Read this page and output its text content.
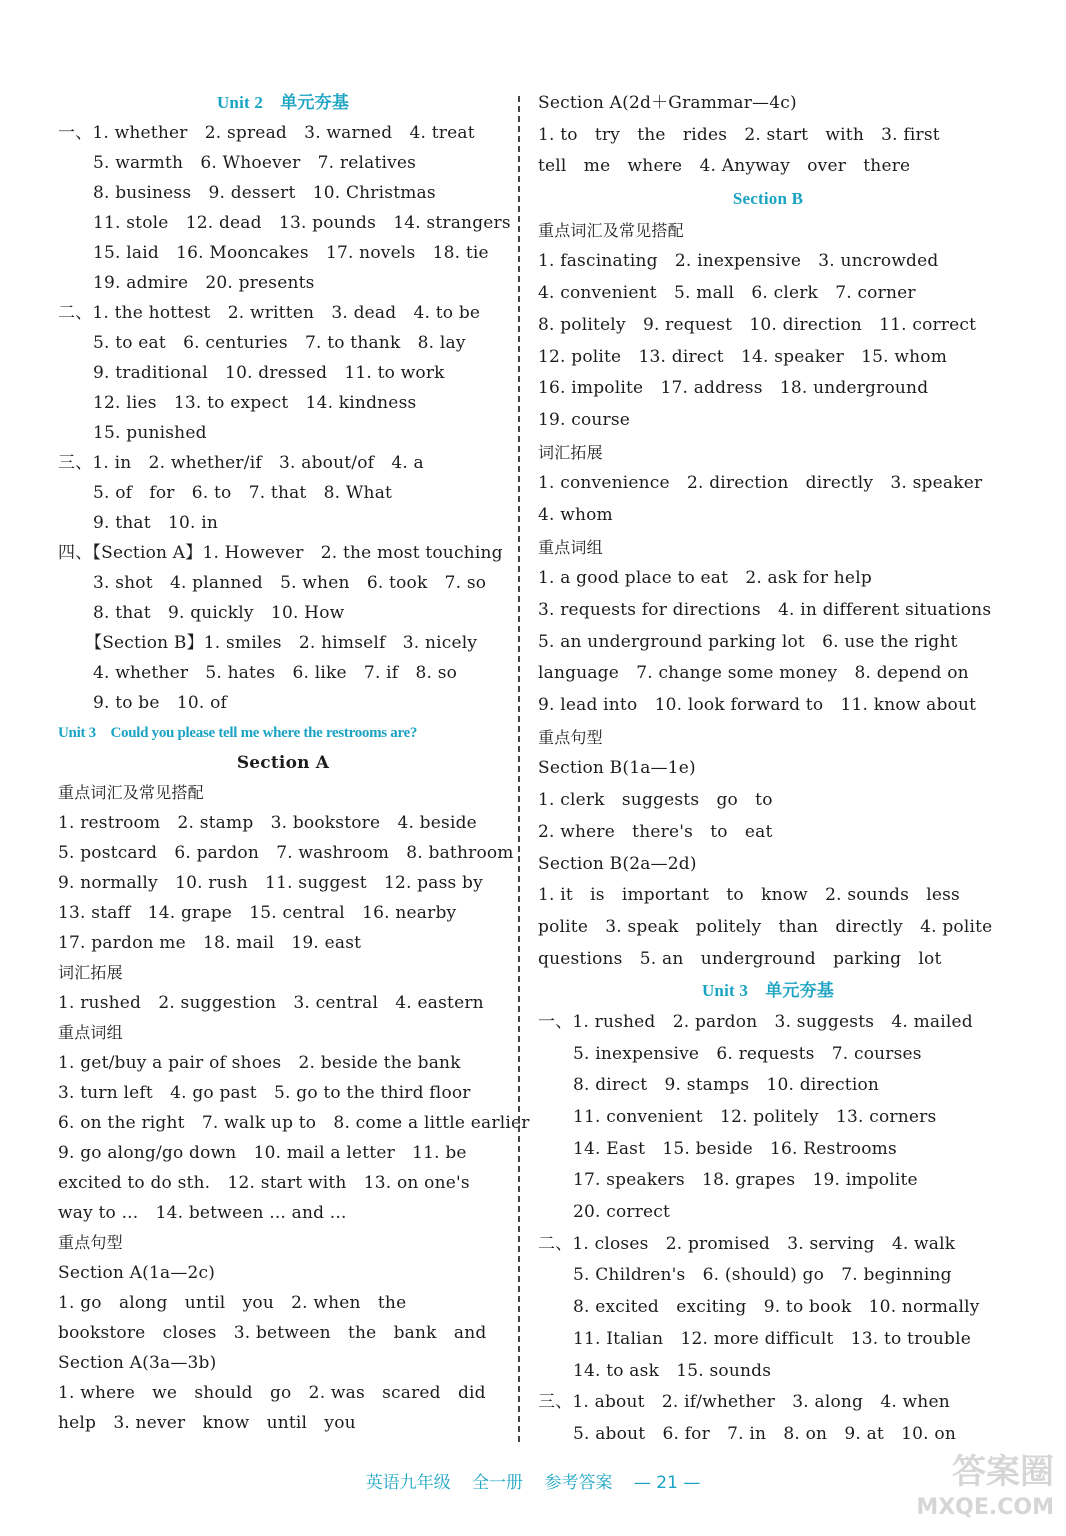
Unit 2　单元夯基
一、1. whether　2. spread　3. warned　4. treat
5. warmth　6. Whoever　7. relatives
8. business　9. dessert　10. Christmas
11. stole　12. dead　13. pounds　14. strangers
15. laid　16. Mooncakes　17. novels　18. tie
19. admire　20. presents
二、1. the hottest　2. written　3. dead　4. to be
5. to eat　6. centuries　7. to thank　8. lay
9. traditional　10. dressed　11. to work
12. lies　13. to expect　14. kindness
15. punished
三、1. in　2. whether/if　3. about/of　4. a
5. of　for　6. to　7. that　8. What
9. that　10. in
四、【Section A】1. However　2. the most touching
3. shot　4. planned　5. when　6. took　7. so
8. that　9. quickly　10. How
【Section B】1. smiles　2. himself　3. nicely
4. whether　5. hates　6. like　7. if　8. so
9. to be　10. of
Unit 3　Could you please tell me where the restrooms are?
Section A
重点词汇及常见搭配
1. restroom　2. stamp　3. bookstore　4. beside
5. postcard　6. pardon　7. washroom　8. bathroom
9. normally　10. rush　11. suggest　12. pass by
13. staff　14. grape　15. central　16. nearby
17. pardon me　18. mail　19. east
词汇拓展
1. rushed　2. suggestion　3. central　4. eastern
重点词组
1. get/buy a pair of shoes　2. beside the bank
3. turn left　4. go past　5. go to the third floor
6. on the right　7. walk up to　8. come a little earlier
9. go along/go down　10. mail a letter　11. be
excited to do sth.　12. start with　13. on one's
way to ...　14. between ... and ...
重点句型
Section A(1a—2c)
1. go　along　until　you　2. when　the
bookstore　closes　3. between　the　bank　and
Section A(3a—3b)
1. where　we　should　go　2. was　scared　did
help　3. never　know　until　you
Section A(2d＋Grammar—4c)
1. to　try　the　rides　2. start　with　3. first
tell　me　where　4. Anyway　over　there
Section B
重点词汇及常见搭配
1. fascinating　2. inexpensive　3. uncrowded
4. convenient　5. mall　6. clerk　7. corner
8. politely　9. request　10. direction　11. correct
12. polite　13. direct　14. speaker　15. whom
16. impolite　17. address　18. underground
19. course
词汇拓展
1. convenience　2. direction　directly　3. speaker
4. whom
重点词组
1. a good place to eat　2. ask for help
3. requests for directions　4. in different situations
5. an underground parking lot　6. use the right
language　7. change some money　8. depend on
9. lead into　10. look forward to　11. know about
重点句型
Section B(1a—1e)
1. clerk　suggests　go　to
2. where　there's　to　eat
Section B(2a—2d)
1. it　is　important　to　know　2. sounds　less
polite　3. speak　politely　than　directly　4. polite
questions　5. an　underground　parking　lot
Unit 3　单元夯基
一、1. rushed　2. pardon　3. suggests　4. mailed
5. inexpensive　6. requests　7. courses
8. direct　9. stamps　10. direction
11. convenient　12. politely　13. corners
14. East　15. beside　16. Restrooms
17. speakers　18. grapes　19. impolite
20. correct
二、1. closes　2. promised　3. serving　4. walk
5. Children's　6. (should) go　7. beginning
8. excited　exciting　9. to book　10. normally
11. Italian　12. more difficult　13. to trouble
14. to ask　15. sounds
三、1. about　2. if/whether　3. along　4. when
5. about　6. for　7. in　8. on　9. at　10. on
英语九年级 全一册 参考答案 — 21 —	答案圈
MXQE.COM
